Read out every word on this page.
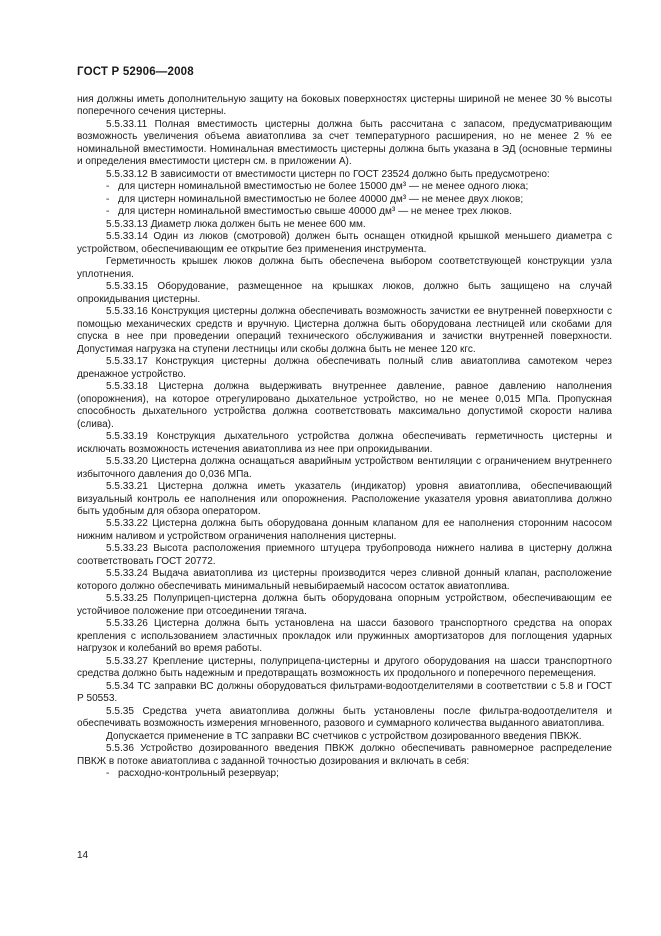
ГОСТ Р 52906—2008
ния должны иметь дополнительную защиту на боковых поверхностях цистерны шириной не менее 30 % высоты поперечного сечения цистерны.
5.5.33.11 Полная вместимость цистерны должна быть рассчитана с запасом, предусматривающим возможность увеличения объема авиатоплива за счет температурного расширения, но не менее 2 % ее номинальной вместимости. Номинальная вместимость цистерны должна быть указана в ЭД (основные термины и определения вместимости цистерн см. в приложении А).
5.5.33.12 В зависимости от вместимости цистерн по ГОСТ 23524 должно быть предусмотрено:
- для цистерн номинальной вместимостью не более 15000 дм³ — не менее одного люка;
- для цистерн номинальной вместимостью не более 40000 дм³ — не менее двух люков;
- для цистерн номинальной вместимостью свыше 40000 дм³ — не менее трех люков.
5.5.33.13 Диаметр люка должен быть не менее 600 мм.
5.5.33.14 Один из люков (смотровой) должен быть оснащен откидной крышкой меньшего диаметра с устройством, обеспечивающим ее открытие без применения инструмента.
Герметичность крышек люков должна быть обеспечена выбором соответствующей конструкции узла уплотнения.
5.5.33.15 Оборудование, размещенное на крышках люков, должно быть защищено на случай опрокидывания цистерны.
5.5.33.16 Конструкция цистерны должна обеспечивать возможность зачистки ее внутренней поверхности с помощью механических средств и вручную. Цистерна должна быть оборудована лестницей или скобами для спуска в нее при проведении операций технического обслуживания и зачистки внутренней поверхности. Допустимая нагрузка на ступени лестницы или скобы должна быть не менее 120 кгс.
5.5.33.17 Конструкция цистерны должна обеспечивать полный слив авиатоплива самотеком через дренажное устройство.
5.5.33.18 Цистерна должна выдерживать внутреннее давление, равное давлению наполнения (опорожнения), на которое отрегулировано дыхательное устройство, но не менее 0,015 МПа. Пропускная способность дыхательного устройства должна соответствовать максимально допустимой скорости налива (слива).
5.5.33.19 Конструкция дыхательного устройства должна обеспечивать герметичность цистерны и исключать возможность истечения авиатоплива из нее при опрокидывании.
5.5.33.20 Цистерна должна оснащаться аварийным устройством вентиляции с ограничением внутреннего избыточного давления до 0,036 МПа.
5.5.33.21 Цистерна должна иметь указатель (индикатор) уровня авиатоплива, обеспечивающий визуальный контроль ее наполнения или опорожнения. Расположение указателя уровня авиатоплива должно быть удобным для обзора оператором.
5.5.33.22 Цистерна должна быть оборудована донным клапаном для ее наполнения сторонним насосом нижним наливом и устройством ограничения наполнения цистерны.
5.5.33.23 Высота расположения приемного штуцера трубопровода нижнего налива в цистерну должна соответствовать ГОСТ 20772.
5.5.33.24 Выдача авиатоплива из цистерны производится через сливной донный клапан, расположение которого должно обеспечивать минимальный невыбираемый насосом остаток авиатоплива.
5.5.33.25 Полуприцеп-цистерна должна быть оборудована опорным устройством, обеспечивающим ее устойчивое положение при отсоединении тягача.
5.5.33.26 Цистерна должна быть установлена на шасси базового транспортного средства на опорах крепления с использованием эластичных прокладок или пружинных амортизаторов для поглощения ударных нагрузок и колебаний во время работы.
5.5.33.27 Крепление цистерны, полуприцепа-цистерны и другого оборудования на шасси транспортного средства должно быть надежным и предотвращать возможность их продольного и поперечного перемещения.
5.5.34 ТС заправки ВС должны оборудоваться фильтрами-водоотделителями в соответствии с 5.8 и ГОСТ Р 50553.
5.5.35 Средства учета авиатоплива должны быть установлены после фильтра-водоотделителя и обеспечивать возможность измерения мгновенного, разового и суммарного количества выданного авиатоплива.
Допускается применение в ТС заправки ВС счетчиков с устройством дозированного введения ПВКЖ.
5.5.36 Устройство дозированного введения ПВКЖ должно обеспечивать равномерное распределение ПВКЖ в потоке авиатоплива с заданной точностью дозирования и включать в себя:
- расходно-контрольный резервуар;
14
